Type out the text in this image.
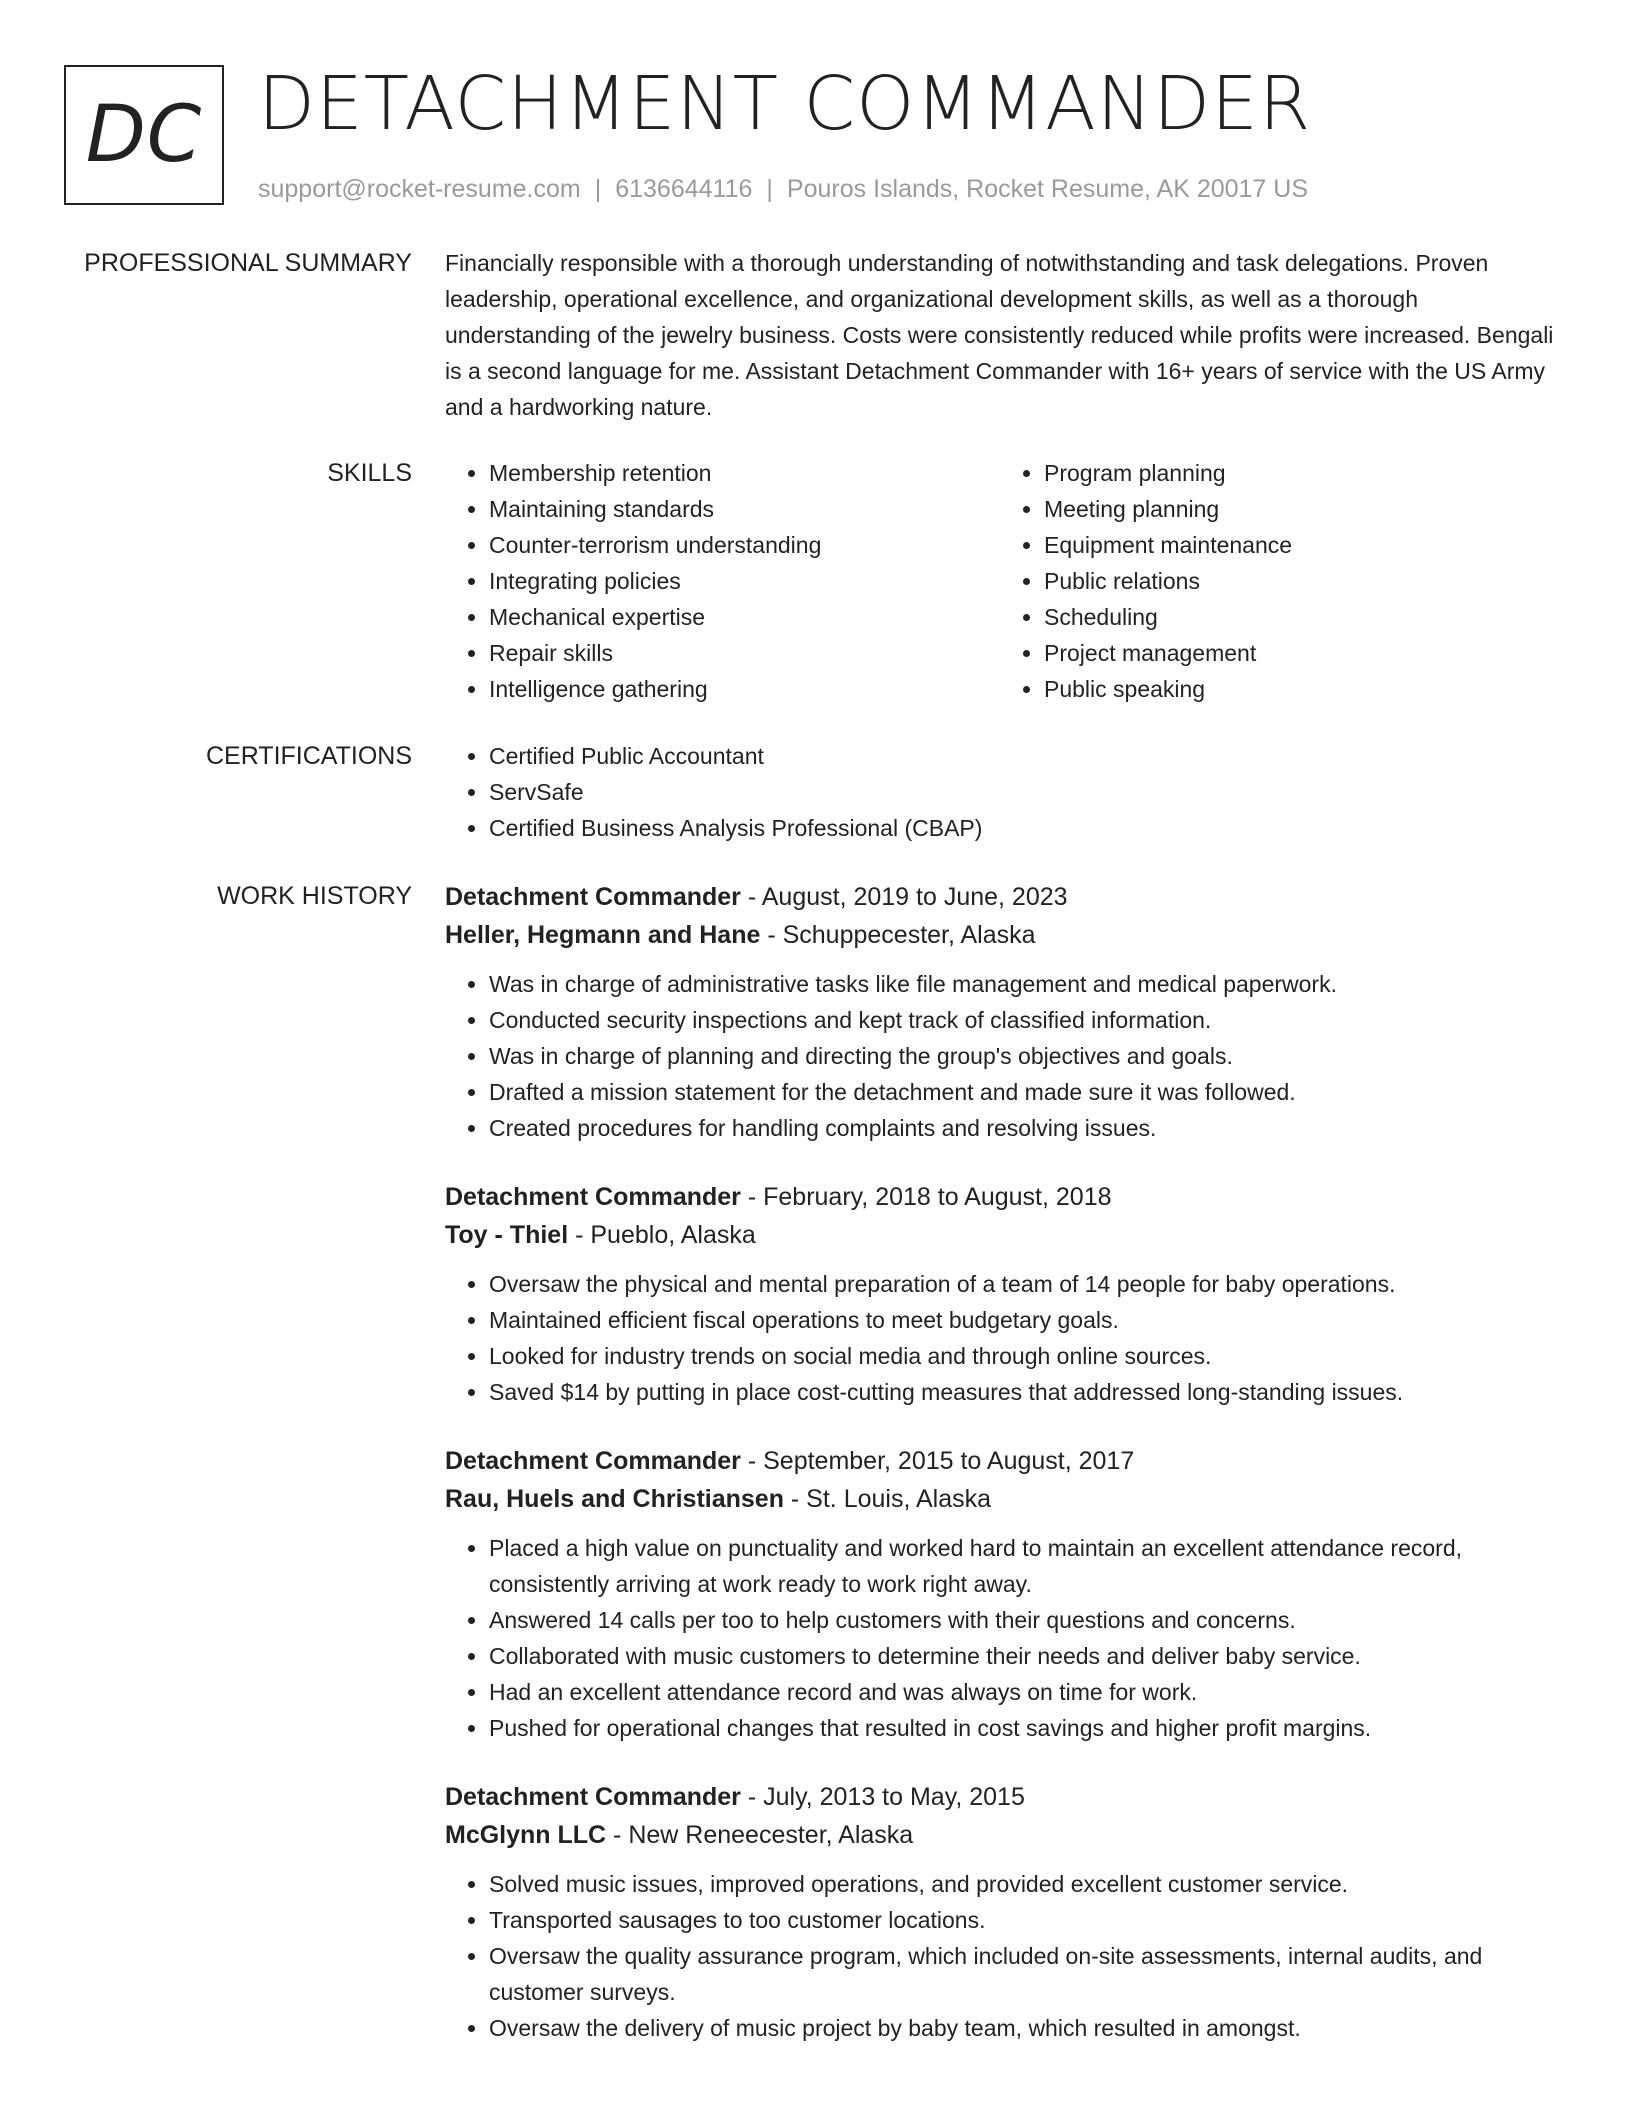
DC DETACHMENT COMMANDER
support@rocket-resume.com | 6136644116 | Pouros Islands, Rocket Resume, AK 20017 US
PROFESSIONAL SUMMARY Financially responsible with a thorough understanding of notwithstanding and task delegations. Proven leadership, operational excellence, and organizational development skills, as well as a thorough understanding of the jewelry business. Costs were consistently reduced while profits were increased. Bengali is a second language for me. Assistant Detachment Commander with 16+ years of service with the US Army and a hardworking nature.
SKILLS	• Membership retention
• Maintaining standards
• Counter-terrorism understanding
• Integrating policies
• Mechanical expertise
• Repair skills
• Intelligence gathering
• Program planning
• Meeting planning
• Equipment maintenance
• Public relations
• Scheduling
• Project management
• Public speaking
CERTIFICATIONS	• Certified Public Accountant
• ServSafe
• Certified Business Analysis Professional (CBAP)
WORK HISTORY Detachment Commander - August, 2019 to June, 2023
Heller, Hegmann and Hane - Schuppecester, Alaska
• Was in charge of administrative tasks like file management and medical paperwork.
• Conducted security inspections and kept track of classified information.
• Was in charge of planning and directing the group's objectives and goals.
• Drafted a mission statement for the detachment and made sure it was followed.
• Created procedures for handling complaints and resolving issues.
Detachment Commander - February, 2018 to August, 2018
Toy - Thiel - Pueblo, Alaska
• Oversaw the physical and mental preparation of a team of 14 people for baby operations.
• Maintained efficient fiscal operations to meet budgetary goals.
• Looked for industry trends on social media and through online sources.
• Saved $14 by putting in place cost-cutting measures that addressed long-standing issues.
Detachment Commander - September, 2015 to August, 2017
Rau, Huels and Christiansen - St. Louis, Alaska
• Placed a high value on punctuality and worked hard to maintain an excellent attendance record, consistently arriving at work ready to work right away.
• Answered 14 calls per too to help customers with their questions and concerns.
• Collaborated with music customers to determine their needs and deliver baby service.
• Had an excellent attendance record and was always on time for work.
• Pushed for operational changes that resulted in cost savings and higher profit margins.
Detachment Commander - July, 2013 to May, 2015
McGlynn LLC - New Reneecester, Alaska
• Solved music issues, improved operations, and provided excellent customer service.
• Transported sausages to too customer locations.
• Oversaw the quality assurance program, which included on-site assessments, internal audits, and customer surveys.
• Oversaw the delivery of music project by baby team, which resulted in amongst.
